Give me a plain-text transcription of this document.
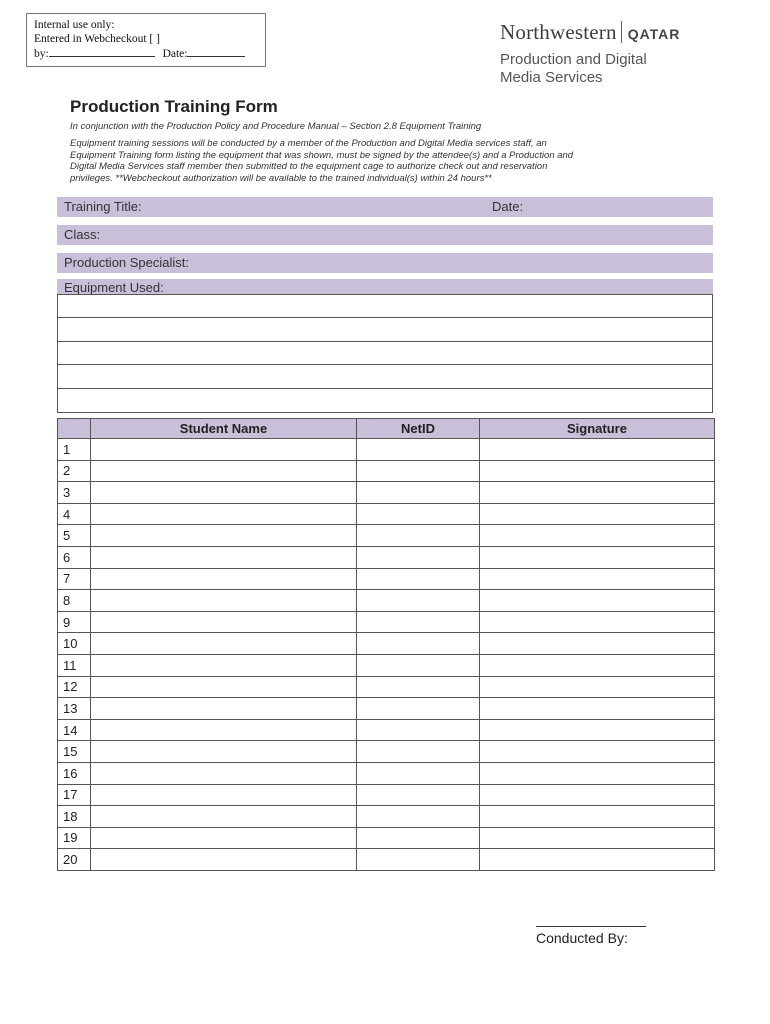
Internal use only:
Entered in Webcheckout [ ]
by:	Date:
Northwestern QATAR
Production and Digital
Media Services
Production Training Form
In conjunction with the Production Policy and Procedure Manual – Section 2.8 Equipment Training
Equipment training sessions will be conducted by a member of the Production and Digital Media services staff, an
Equipment Training form listing the equipment that was shown, must be signed by the attendee(s) and a Production and
Digital Media Services staff member then submitted to the equipment cage to authorize check out and reservation
privileges. **Webcheckout authorization will be available to the trained individual(s) within 24 hours**
Training Title:	Date:
Class:
Production Specialist:
Equipment Used:
	Student Name	NetID	Signature
1			
2			
3			
4			
5			
6			
7			
8			
9			
10			
11			
12			
13			
14			
15			
16			
17			
18			
19			
20			
Conducted By:
